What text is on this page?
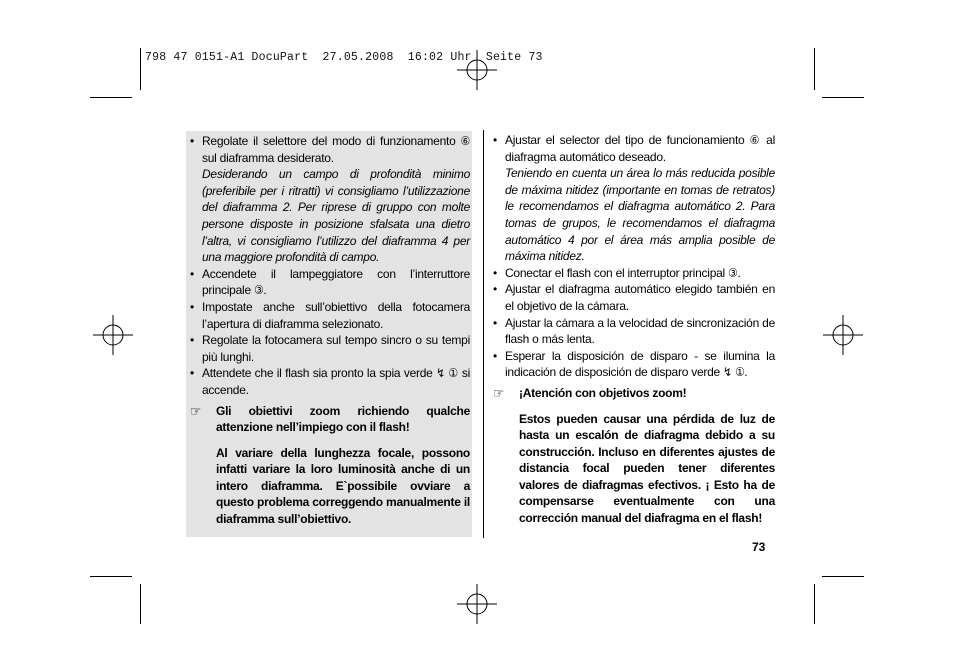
798 47 0151-A1 DocuPart  27.05.2008  16:02 Uhr  Seite 73
• Regolate il selettore del modo di funzionamento ⑥ sul diaframma desiderato.
Desiderando un campo di profondità minimo (preferibile per i ritratti) vi consigliamo l’utilizzazione del diaframma 2. Per riprese di gruppo con molte persone disposte in posizione sfalsata una dietro l’altra, vi consigliamo l’utilizzo del diaframma 4 per una maggiore profondità di campo.
• Accendete il lampeggiatore con l’interruttore principale ③.
• Impostate anche sull’obiettivo della fotocamera l’apertura di diaframma selezionato.
• Regolate la fotocamera sul tempo sincro o su tempi più lunghi.
• Attendete che il flash sia pronto la spia verde ↯ ① si accende.
☞ Gli obiettivi zoom richiendo qualche attenzione nell’impiego con il flash!

Al variare della lunghezza focale, possono infatti variare la loro luminosità anche di un intero diaframma. E`possibile ovviare a questo problema correggendo manualmente il diaframma sull’obiettivo.

• Ajustar el selector del tipo de funcionamiento ⑥ al diafragma automático deseado.
Teniendo en cuenta un área lo más reducida posible de máxima nitidez (importante en tomas de retratos) le recomendamos el diafragma automático 2. Para tomas de grupos, le recomendamos el diafragma automático 4 por el área más amplia posible de máxima nitidez.
• Conectar el flash con el interruptor principal ③.
• Ajustar el diafragma automático elegido también en el objetivo de la cámara.
• Ajustar la cámara a la velocidad de sincronización de flash o más lenta.
• Esperar la disposición de disparo - se ilumina la indicación de disposición de disparo verde ↯ ①.
☞ ¡Atención con objetivos zoom!

Estos pueden causar una pérdida de luz de hasta un escalón de diafragma debido a su construcción. Incluso en diferentes ajustes de distancia focal pueden tener diferentes valores de diafragmas efectivos. ¡ Esto ha de compensarse eventualmente con una corrección manual del diafragma en el flash!

73
